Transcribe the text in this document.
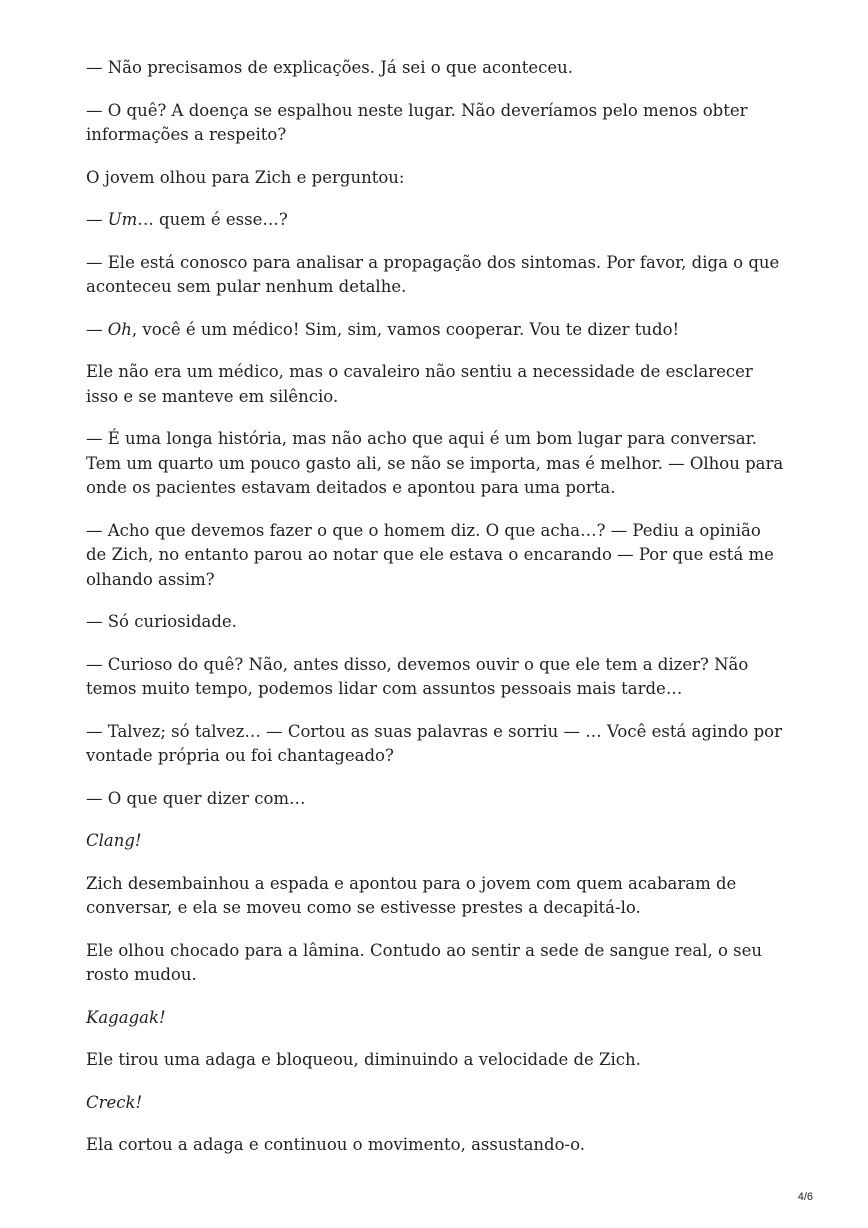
— Não precisamos de explicações. Já sei o que aconteceu.

— O quê? A doença se espalhou neste lugar. Não deveríamos pelo menos obter informações a respeito?

O jovem olhou para Zich e perguntou:

— Um… quem é esse…?

— Ele está conosco para analisar a propagação dos sintomas. Por favor, diga o que aconteceu sem pular nenhum detalhe.

— Oh, você é um médico! Sim, sim, vamos cooperar. Vou te dizer tudo!

Ele não era um médico, mas o cavaleiro não sentiu a necessidade de esclarecer isso e se manteve em silêncio.

— É uma longa história, mas não acho que aqui é um bom lugar para conversar. Tem um quarto um pouco gasto ali, se não se importa, mas é melhor. — Olhou para onde os pacientes estavam deitados e apontou para uma porta.

— Acho que devemos fazer o que o homem diz. O que acha…? — Pediu a opinião de Zich, no entanto parou ao notar que ele estava o encarando — Por que está me olhando assim?

— Só curiosidade.

— Curioso do quê? Não, antes disso, devemos ouvir o que ele tem a dizer? Não temos muito tempo, podemos lidar com assuntos pessoais mais tarde…

— Talvez; só talvez… — Cortou as suas palavras e sorriu — … Você está agindo por vontade própria ou foi chantageado?

— O que quer dizer com…

Clang!

Zich desembainhou a espada e apontou para o jovem com quem acabaram de conversar, e ela se moveu como se estivesse prestes a decapitá-lo.

Ele olhou chocado para a lâmina. Contudo ao sentir a sede de sangue real, o seu rosto mudou.

Kagagak!

Ele tirou uma adaga e bloqueou, diminuindo a velocidade de Zich.

Creck!

Ela cortou a adaga e continuou o movimento, assustando-o.

4/6
